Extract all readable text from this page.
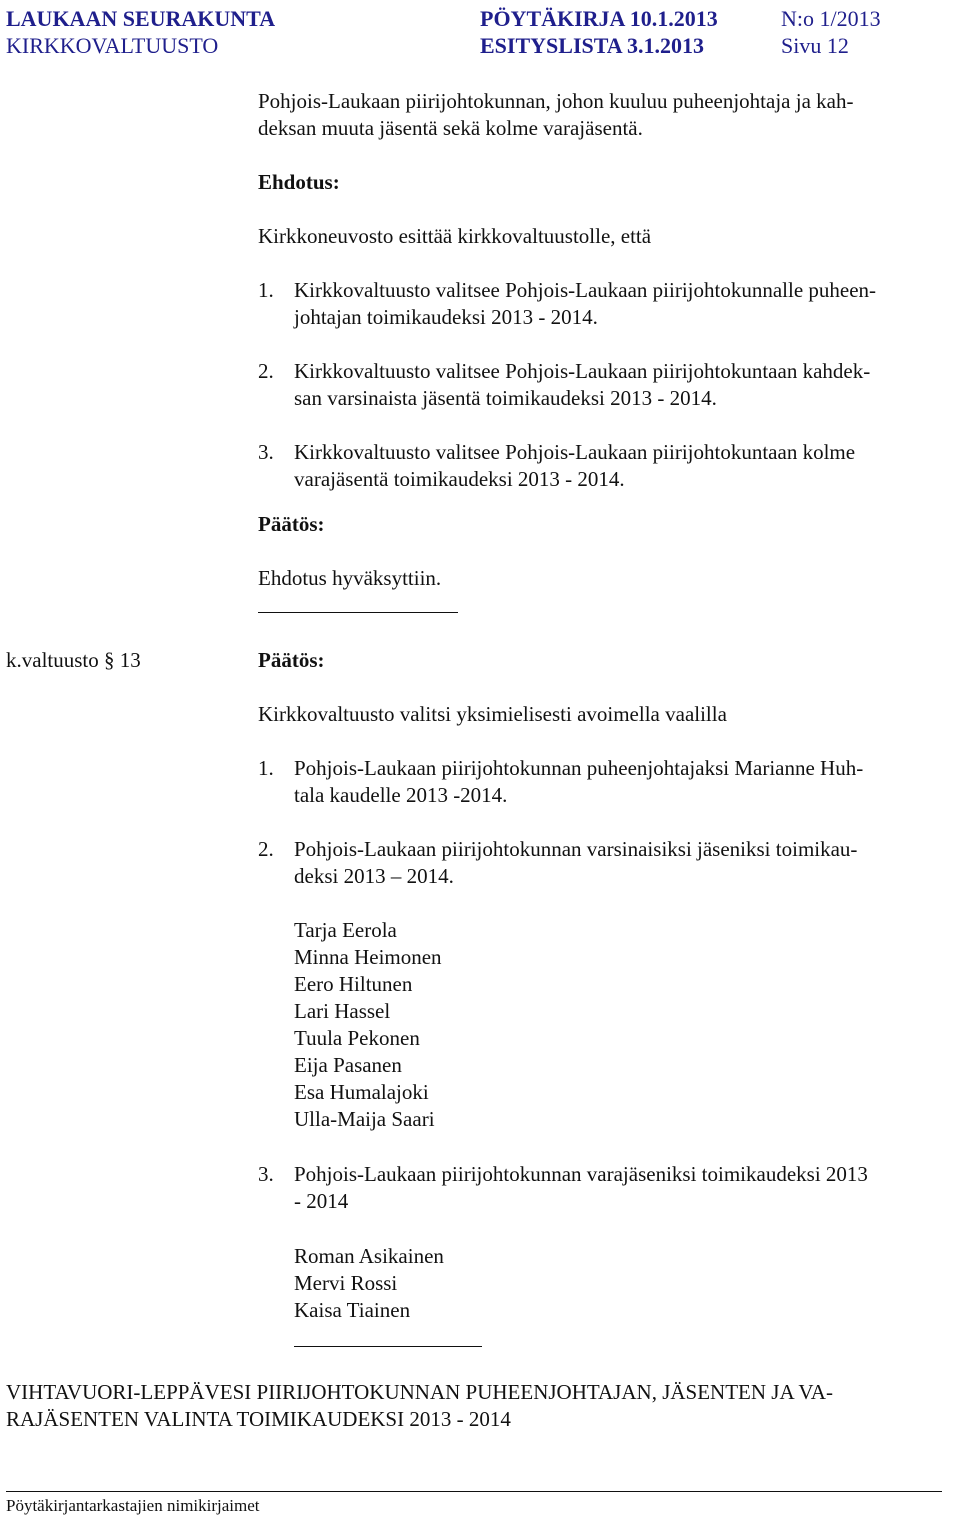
LAUKAAN SEURAKUNTA
KIRKKOVALTUUSTO
PÖYTÄKIRJA 10.1.2013
ESITYSLISTA 3.1.2013
N:o 1/2013
Sivu 12
Pohjois-Laukaan piirijohtokunnan, johon kuuluu puheenjohtaja ja kah-
deksan muuta jäsentä sekä kolme varajäsentä.
Ehdotus:
Kirkkoneuvosto esittää kirkkovaltuustolle, että
1. Kirkkovaltuusto valitsee Pohjois-Laukaan piirijohtokunnalle puheen-
johtajan toimikaudeksi 2013 - 2014.
2. Kirkkovaltuusto valitsee Pohjois-Laukaan piirijohtokuntaan kahdek-
san varsinaista jäsentä toimikaudeksi 2013 - 2014.
3. Kirkkovaltuusto valitsee Pohjois-Laukaan piirijohtokuntaan kolme
varajäsentä toimikaudeksi 2013 - 2014.
Päätös:
Ehdotus hyväksyttiin.
k.valtuusto § 13	Päätös:
Kirkkovaltuusto valitsi yksimielisesti avoimella vaalilla
1. Pohjois-Laukaan piirijohtokunnan puheenjohtajaksi Marianne Huh-
tala kaudelle 2013 -2014.
2. Pohjois-Laukaan piirijohtokunnan varsinaisiksi jäseniksi toimikau-
deksi 2013 – 2014.
Tarja Eerola
Minna Heimonen
Eero Hiltunen
Lari Hassel
Tuula Pekonen
Eija Pasanen
Esa Humalajoki
Ulla-Maija Saari
3. Pohjois-Laukaan piirijohtokunnan varajäseniksi toimikaudeksi 2013
- 2014
Roman Asikainen
Mervi Rossi
Kaisa Tiainen
VIHTAVUORI-LEPPÄVESI PIIRIJOHTOKUNNAN PUHEENJOHTAJAN, JÄSENTEN JA VA-
RAJÄSENTEN VALINTA TOIMIKAUDEKSI 2013 - 2014
Pöytäkirjantarkastajien nimikirjaimet
